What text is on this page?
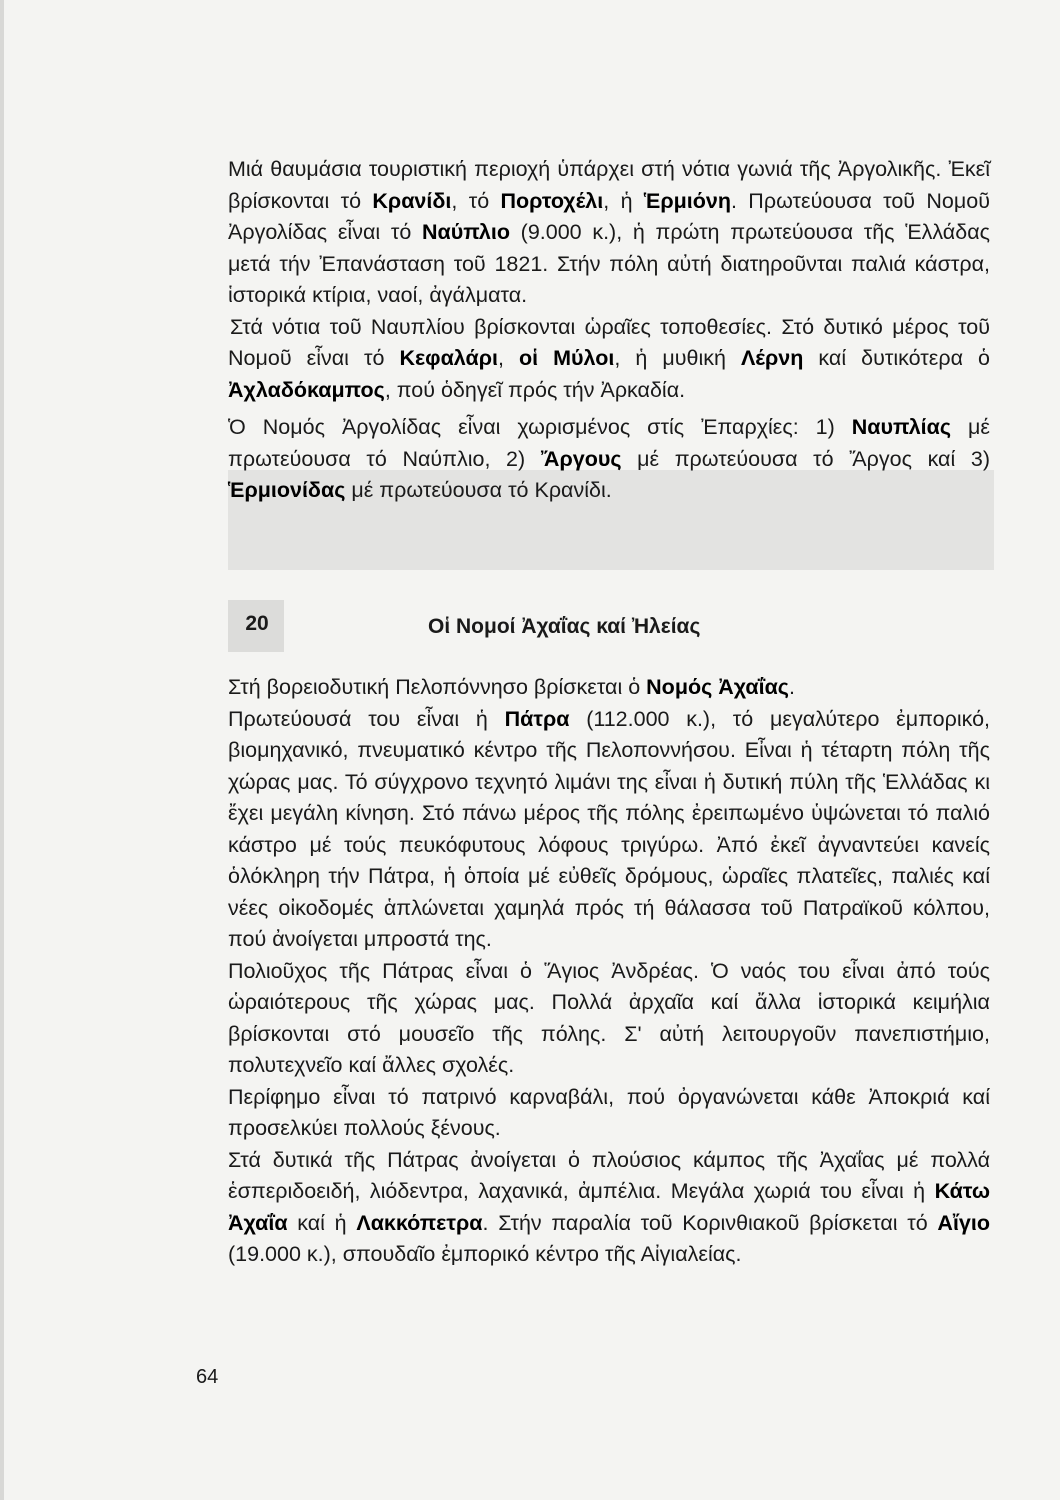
Μιά θαυμάσια τουριστική περιοχή ὑπάρχει στή νότια γωνιά τῆς Ἀργολικῆς. Ἐκεῖ βρίσκονται τό Κρανίδι, τό Πορτοχέλι, ἡ Ἑρμιόνη. Πρωτεύουσα τοῦ Νομοῦ Ἀργολίδας εἶναι τό Ναύπλιο (9.000 κ.), ἡ πρώτη πρωτεύουσα τῆς Ἑλλάδας μετά τήν Ἐπανάσταση τοῦ 1821. Στήν πόλη αὐτή διατηροῦνται παλιά κάστρα, ἱστορικά κτίρια, ναοί, ἀγάλματα.

Στά νότια τοῦ Ναυπλίου βρίσκονται ὡραῖες τοποθεσίες. Στό δυτικό μέρος τοῦ Νομοῦ εἶναι τό Κεφαλάρι, οἱ Μύλοι, ἡ μυθική Λέρνη καί δυτικότερα ὁ Ἀχλαδόκαμπος, πού ὁδηγεῖ πρός τήν Ἀρκαδία.

Ὁ Νομός Ἀργολίδας εἶναι χωρισμένος στίς Ἐπαρχίες: 1) Ναυπλίας μέ πρωτεύουσα τό Ναύπλιο, 2) Ἄργους μέ πρωτεύουσα τό Ἄργος καί 3) Ἑρμιονίδας μέ πρωτεύουσα τό Κρανίδι.

20	Οἱ Νομοί Ἀχαΐας καί Ἠλείας

Στή βορειοδυτική Πελοπόννησο βρίσκεται ὁ Νομός Ἀχαΐας.

Πρωτεύουσά του εἶναι ἡ Πάτρα (112.000 κ.), τό μεγαλύτερο ἐμπορικό, βιομηχανικό, πνευματικό κέντρο τῆς Πελοποννήσου. Εἶναι ἡ τέταρτη πόλη τῆς χώρας μας. Τό σύγχρονο τεχνητό λιμάνι της εἶναι ἡ δυτική πύλη τῆς Ἑλλάδας κι ἔχει μεγάλη κίνηση. Στό πάνω μέρος τῆς πόλης ἐρειπωμένο ὑψώνεται τό παλιό κάστρο μέ τούς πευκόφυτους λόφους τριγύρω. Ἀπό ἐκεῖ ἀγναντεύει κανείς ὁλόκληρη τήν Πάτρα, ἡ ὁποία μέ εὐθεῖς δρόμους, ὡραῖες πλατεῖες, παλιές καί νέες οἰκοδομές ἁπλώνεται χαμηλά πρός τή θάλασσα τοῦ Πατραϊκοῦ κόλπου, πού ἀνοίγεται μπροστά της.

Πολιοῦχος τῆς Πάτρας εἶναι ὁ Ἅγιος Ἀνδρέας. Ὁ ναός του εἶναι ἀπό τούς ὡραιότερους τῆς χώρας μας. Πολλά ἀρχαῖα καί ἄλλα ἱστορικά κειμήλια βρίσκονται στό μουσεῖο τῆς πόλης. Σ' αὐτή λειτουργοῦν πανεπιστήμιο, πολυτεχνεῖο καί ἄλλες σχολές.

Περίφημο εἶναι τό πατρινό καρναβάλι, πού ὀργανώνεται κάθε Ἀποκριά καί προσελκύει πολλούς ξένους.

Στά δυτικά τῆς Πάτρας ἀνοίγεται ὁ πλούσιος κάμπος τῆς Ἀχαΐας μέ πολλά ἑσπεριδοειδή, λιόδεντρα, λαχανικά, ἀμπέλια. Μεγάλα χωριά του εἶναι ἡ Κάτω Ἀχαΐα καί ἡ Λακκόπετρα. Στήν παραλία τοῦ Κορινθιακοῦ βρίσκεται τό Αἴγιο (19.000 κ.), σπουδαῖο ἐμπορικό κέντρο τῆς Αἰγιαλείας.

64
